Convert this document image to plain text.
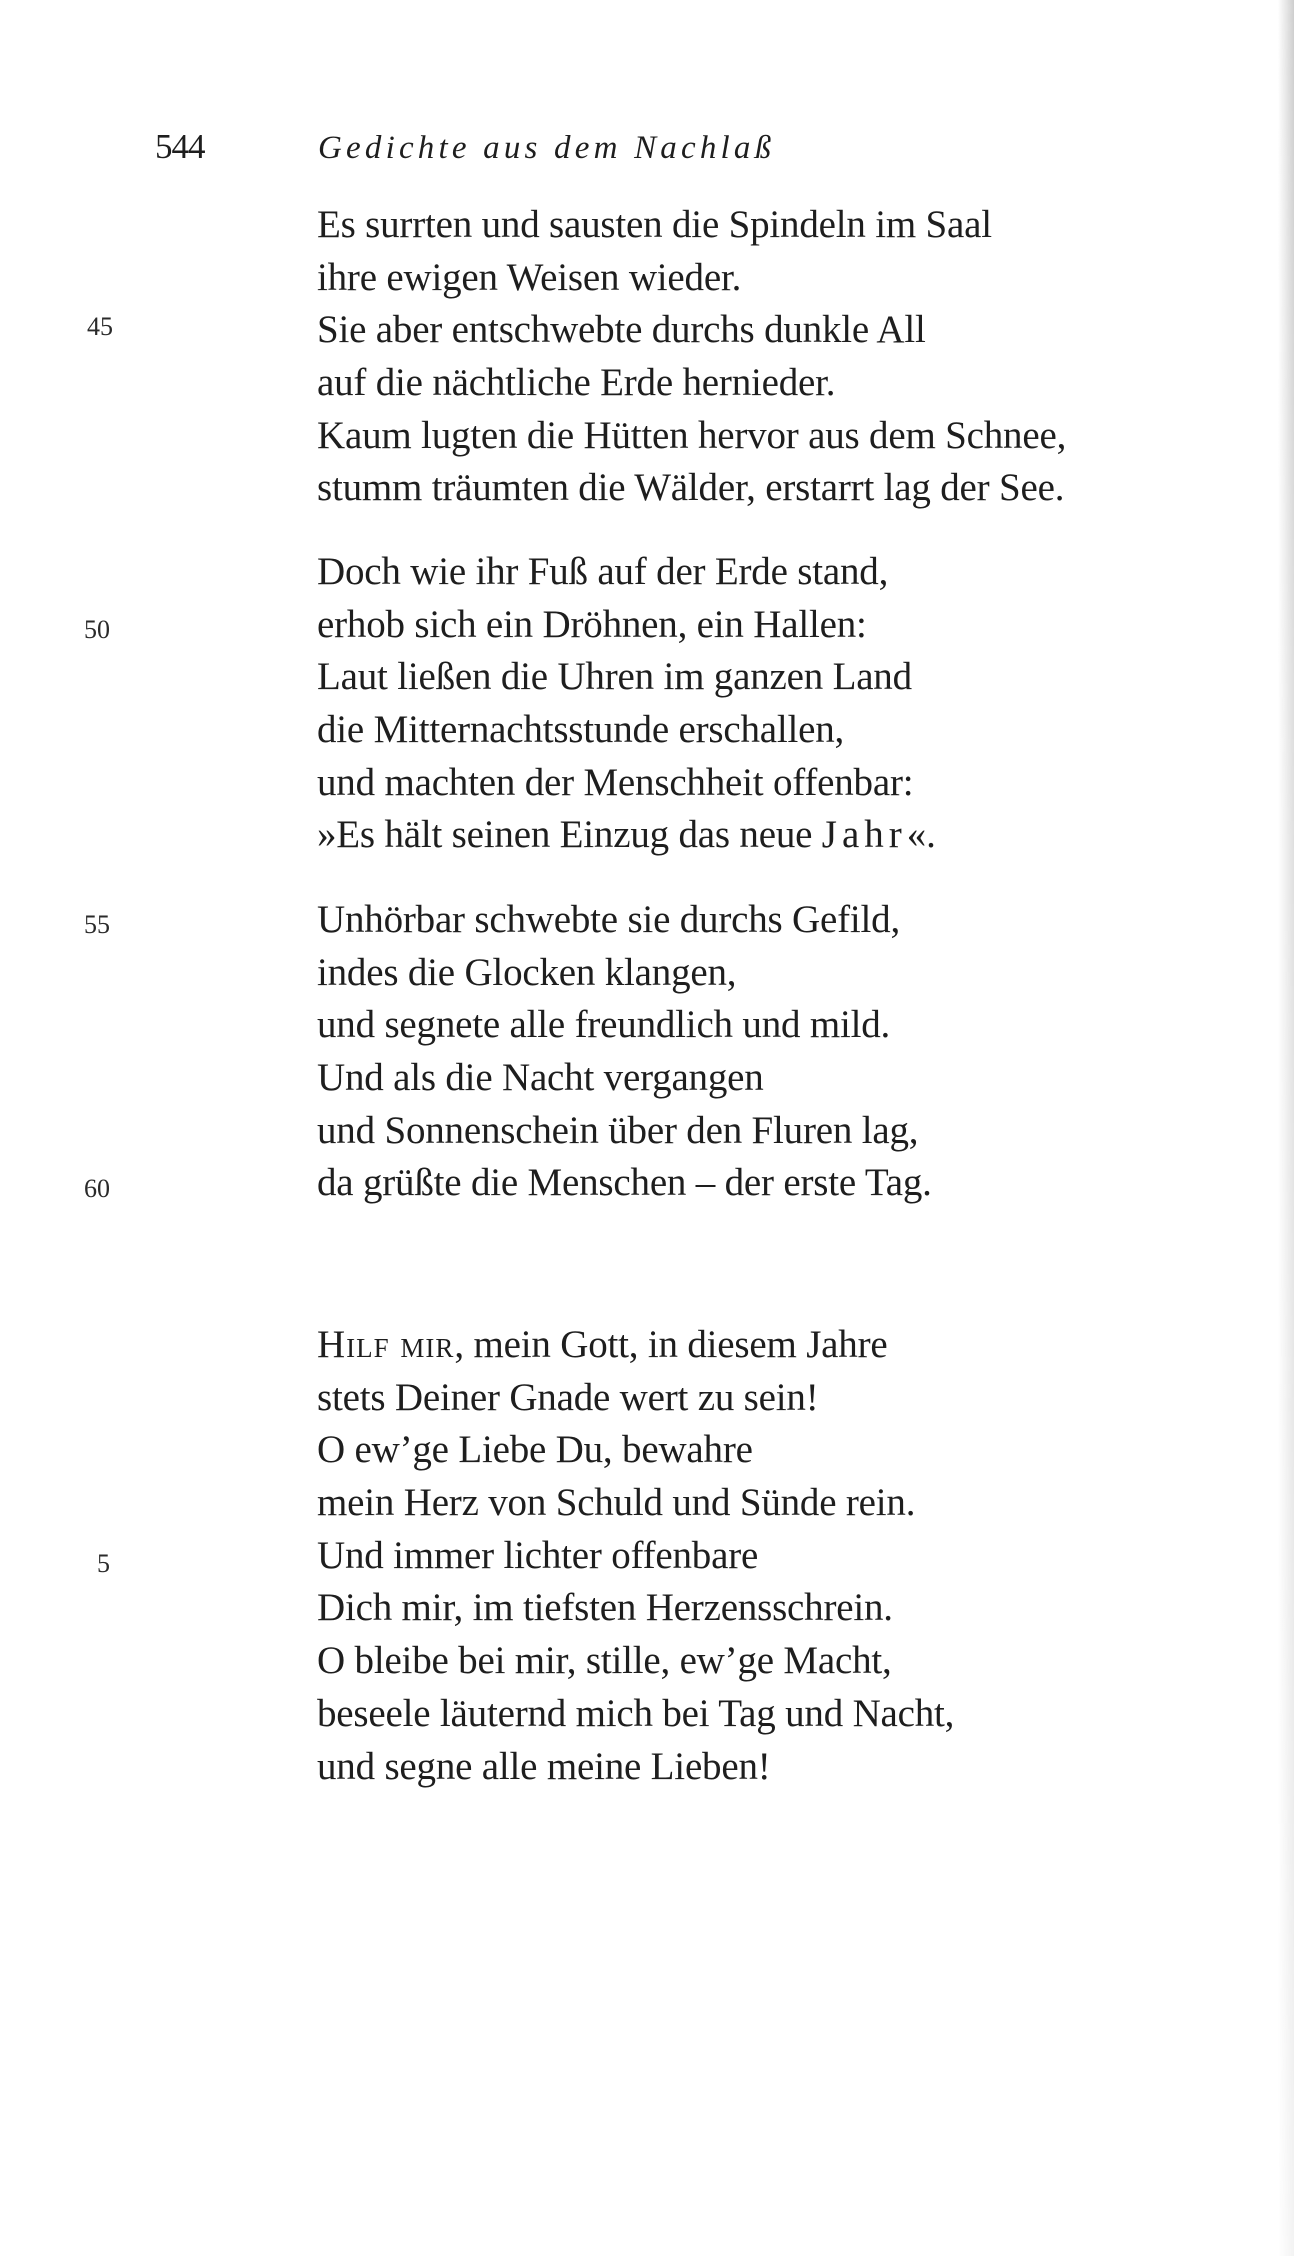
544	Gedichte aus dem Nachlaß
Es surrten und sausten die Spindeln im Saal
ihre ewigen Weisen wieder.
Sie aber entschwebte durchs dunkle All
auf die nächtliche Erde hernieder.
Kaum lugten die Hütten hervor aus dem Schnee,
stumm träumten die Wälder, erstarrt lag der See.
Doch wie ihr Fuß auf der Erde stand,
erhob sich ein Dröhnen, ein Hallen:
Laut ließen die Uhren im ganzen Land
die Mitternachtsstunde erschallen,
und machten der Menschheit offenbar:
»Es hält seinen Einzug das neue Jahr«.
Unhörbar schwebte sie durchs Gefild,
indes die Glocken klangen,
und segnete alle freundlich und mild.
Und als die Nacht vergangen
und Sonnenschein über den Fluren lag,
da grüßte die Menschen – der erste Tag.
45
50
55
60
Hilf mir, mein Gott, in diesem Jahre
stets Deiner Gnade wert zu sein!
O ew’ge Liebe Du, bewahre
mein Herz von Schuld und Sünde rein.
Und immer lichter offenbare
Dich mir, im tiefsten Herzensschrein.
O bleibe bei mir, stille, ew’ge Macht,
beseele läuternd mich bei Tag und Nacht,
und segne alle meine Lieben!
5
